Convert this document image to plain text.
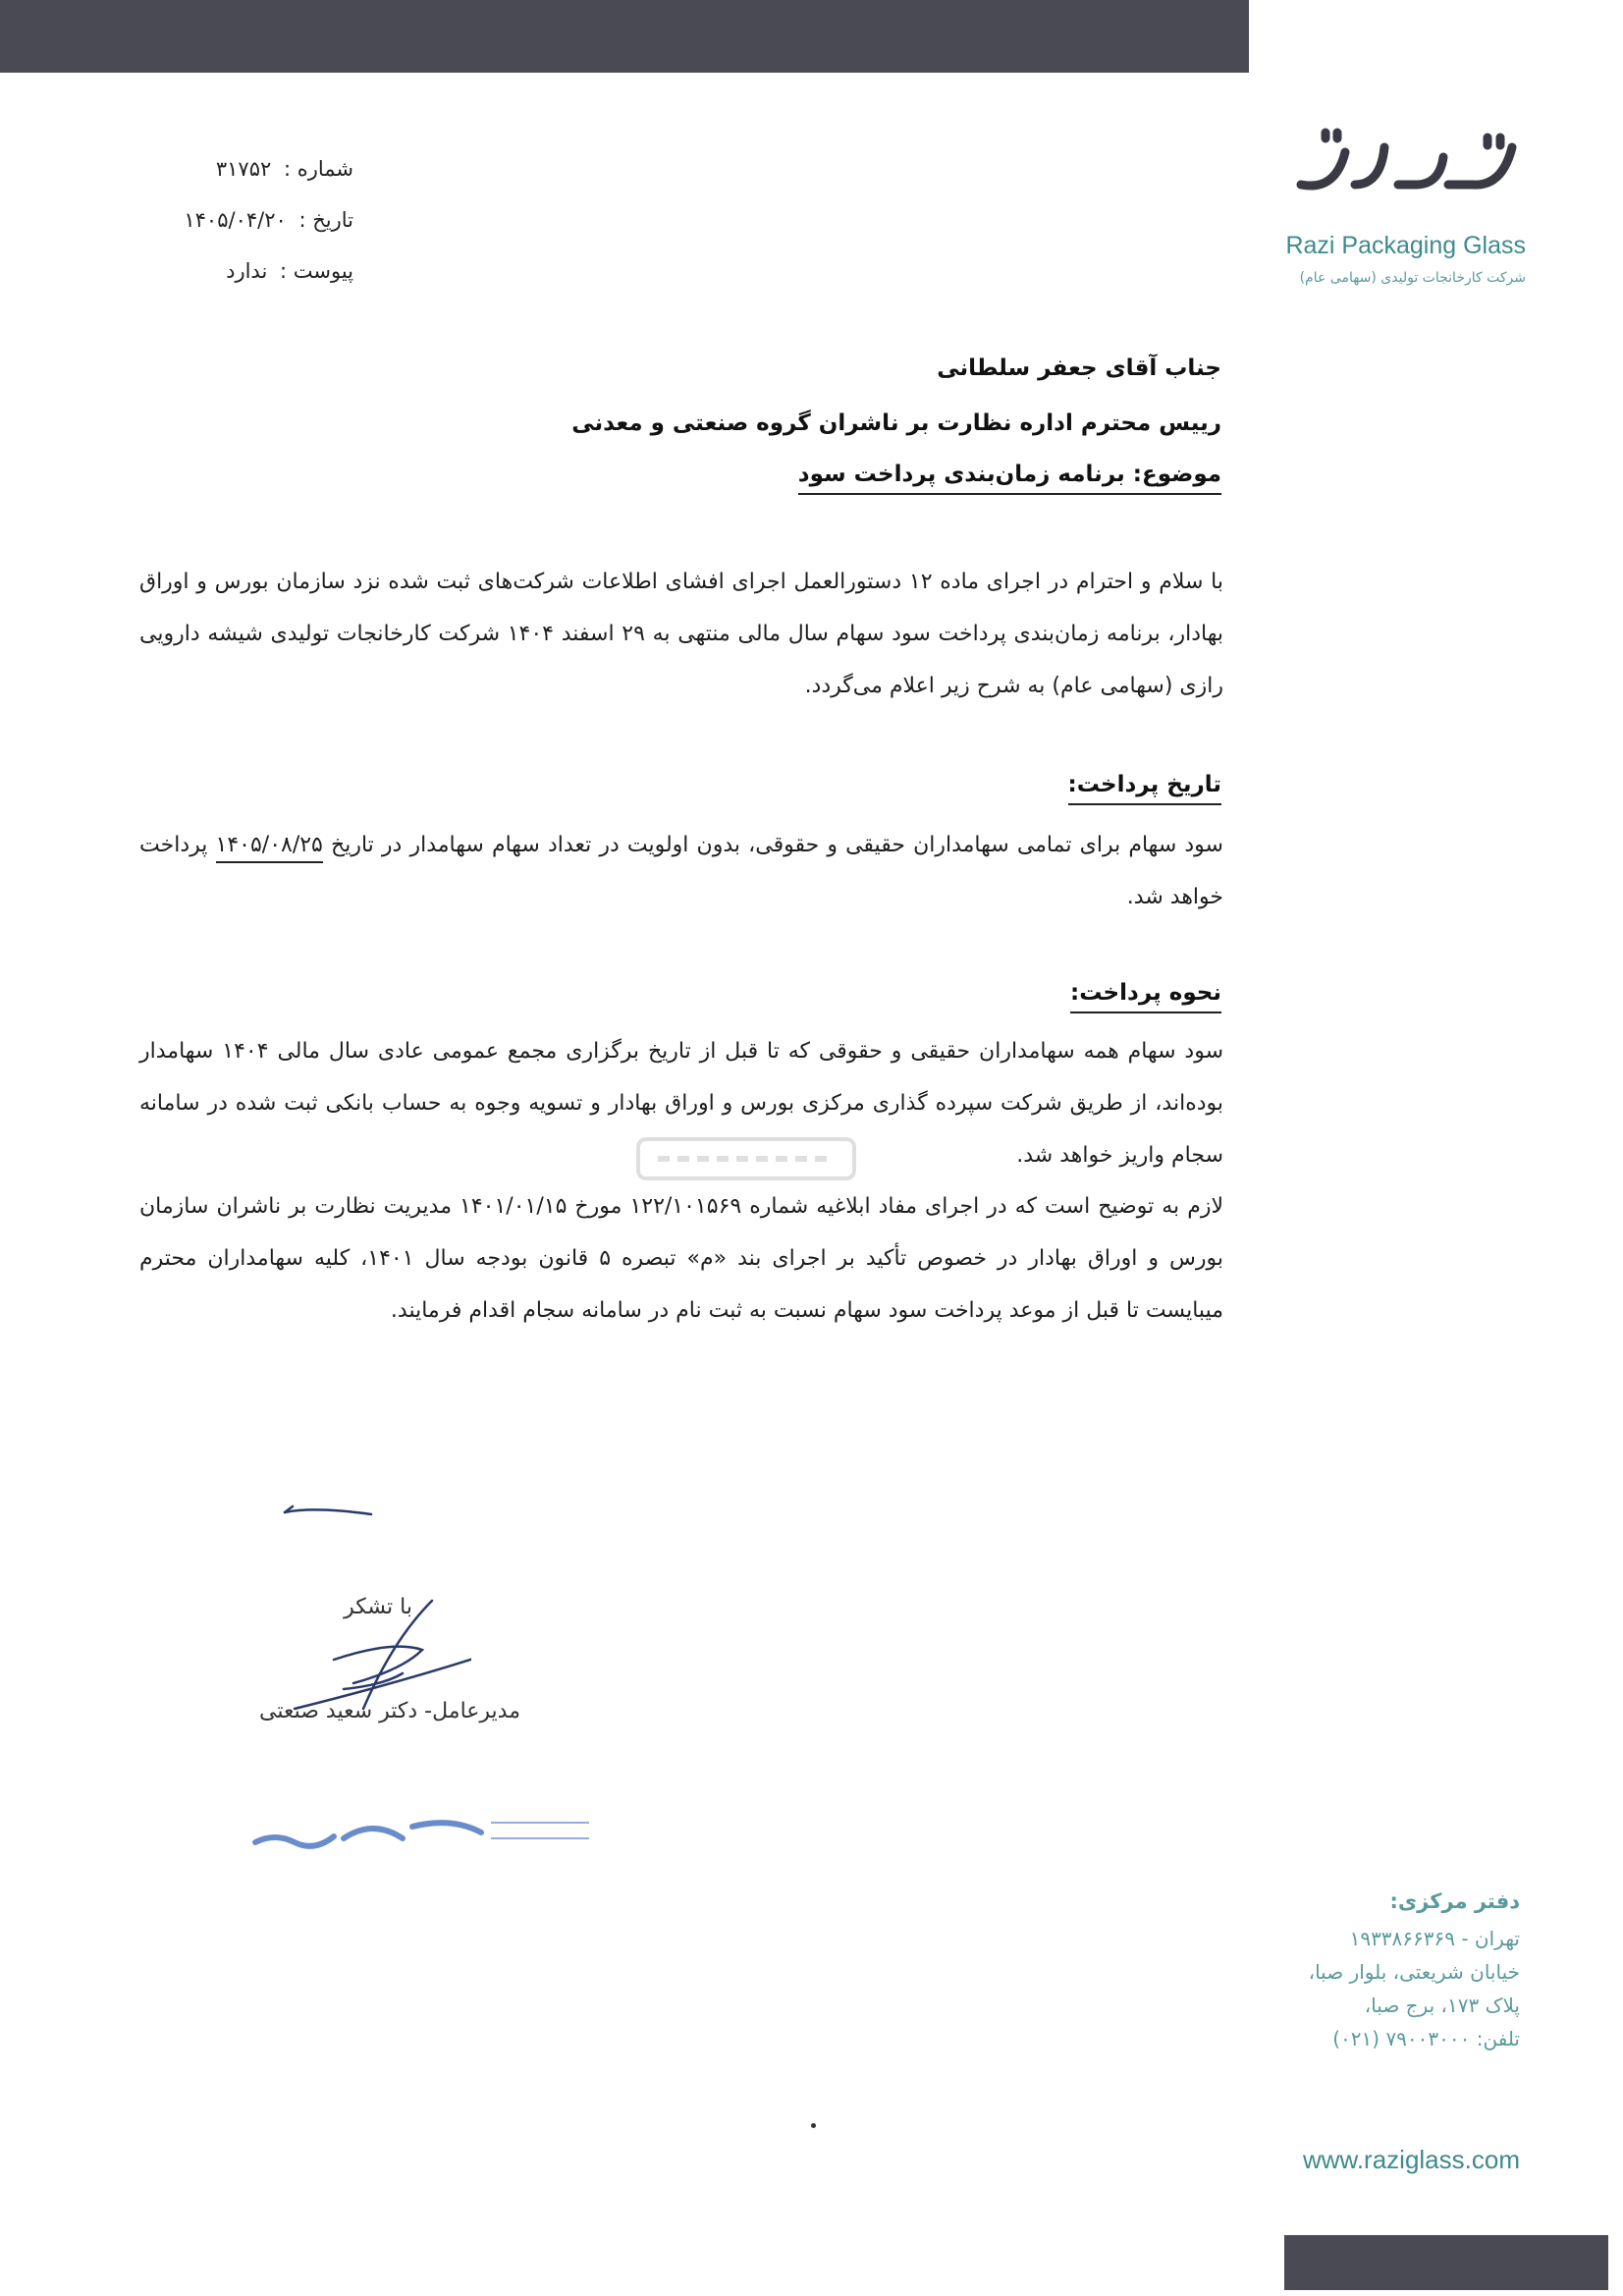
Razi Packaging Glass
شرکت کارخانجات تولیدی (سهامی عام)
شماره : ۳۱۷۵۲
تاریخ : ۱۴۰۵/۰۴/۲۰
پیوست : ندارد
جناب آقای جعفر سلطانی
رییس محترم اداره نظارت بر ناشران گروه صنعتی و معدنی
موضوع: برنامه زمان‌بندی پرداخت سود
با سلام و احترام در اجرای ماده ۱۲ دستورالعمل اجرای افشای اطلاعات شرکت‌های ثبت شده نزد سازمان بورس و اوراق بهادار، برنامه زمان‌بندی پرداخت سود سهام سال مالی منتهی به ۲۹ اسفند ۱۴۰۴ شرکت کارخانجات تولیدی شیشه دارویی رازی (سهامی عام) به شرح زیر اعلام می‌گردد.
تاریخ پرداخت:
سود سهام برای تمامی سهامداران حقیقی و حقوقی، بدون اولویت در تعداد سهام سهامدار در تاریخ ۱۴۰۵/۰۸/۲۵ پرداخت خواهد شد.
نحوه پرداخت:
سود سهام همه سهامداران حقیقی و حقوقی که تا قبل از تاریخ برگزاری مجمع عمومی عادی سال مالی ۱۴۰۴ سهامدار بوده‌اند، از طریق شرکت سپرده گذاری مرکزی بورس و اوراق بهادار و تسویه وجوه به حساب بانکی ثبت شده در سامانه سجام واریز خواهد شد.
لازم به توضیح است که در اجرای مفاد ابلاغیه شماره ۱۲۲/۱۰۱۵۶۹ مورخ ۱۴۰۱/۰۱/۱۵ مدیریت نظارت بر ناشران سازمان بورس و اوراق بهادار در خصوص تأکید بر اجرای بند «م» تبصره ۵ قانون بودجه سال ۱۴۰۱، کلیه سهامداران محترم میبایست تا قبل از موعد پرداخت سود سهام نسبت به ثبت نام در سامانه سجام اقدام فرمایند.
با تشکر
مدیرعامل- دکتر سعید صنعتی
دفتر مرکزی:
تهران - ۱۹۳۳۸۶۶۳۶۹
خیابان شریعتی، بلوار صبا،
پلاک ۱۷۳، برج صبا،
تلفن: ۷۹۰۰۳۰۰۰ (۰۲۱)
www.raziglass.com
